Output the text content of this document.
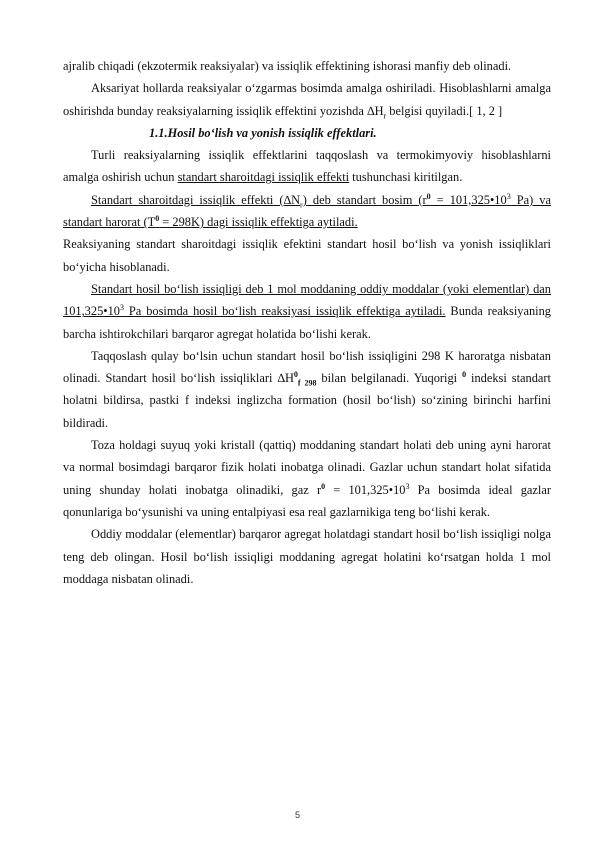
ajralib chiqadi (ekzotermik reaksiyalar) va issiqlik effektining ishorasi manfiy deb olinadi.

Aksariyat hollarda reaksiyalar o‘zgarmas bosimda amalga oshiriladi. Hisoblashlarni amalga oshirishda bunday reaksiyalarning issiqlik effektini yozishda $\Delta H_r$ belgisi quyiladi.[ 1, 2 ]

1.1.Hosil bo‘lish va yonish issiqlik effektlari.

Turli reaksiyalarning issiqlik effektlarini taqqoslash va termokimyoviy hisoblashlarni amalga oshirish uchun standart sharoitdagi issiqlik effekti tushunchasi kiritilgan.

Standart sharoitdagi issiqlik effekti $(\Delta N_r)$ deb standart bosim ($r^0$ = $101,325•10^3$ Pa) va standart harorat $(T^0 = 298K)$ dagi issiqlik effektiga aytiladi.

Reaksiyaning standart sharoitdagi issiqlik efektini standart hosil bo‘lish va yonish issiqliklari bo‘yicha hisoblanadi.

Standart hosil bo‘lish issiqligi deb 1 mol moddaning oddiy moddalar (yoki elementlar) dan $101,325•10^3$ Pa bosimda hosil bo‘lish reaksiyasi issiqlik effektiga aytiladi. Bunda reaksiyaning barcha ishtirokchilari barqaror agregat holatida bo‘lishi kerak.

Taqqoslash qulay bo‘lsin uchun standart hosil bo‘lish issiqligini 298 K haroratga nisbatan olinadi. Standart hosil bo‘lish issiqliklari $\Delta H^0_{f 298}$ bilan belgilanadi. Yuqorigi $^0$ indeksi standart holatni bildirsa, pastki f indeksi inglizcha formation (hosil bo‘lish) so‘zining birinchi harfini bildiradi.

Toza holdagi suyuq yoki kristall (qattiq) moddaning standart holati deb uning ayni harorat va normal bosimdagi barqaror fizik holati inobatga olinadi. Gazlar uchun standart holat sifatida uning shunday holati inobatga olinadiki, gaz $r^0$ = $101,325•10^3$ Pa bosimda ideal gazlar qonunlariga bo‘ysunishi va uning entalpiyasi esa real gazlarnikiga teng bo‘lishi kerak.

Oddiy moddalar (elementlar) barqaror agregat holatdagi standart hosil bo‘lish issiqligi nolga teng deb olingan. Hosil bo‘lish issiqligi moddaning agregat holatini ko‘rsatgan holda 1 mol moddaga nisbatan olinadi.

5
